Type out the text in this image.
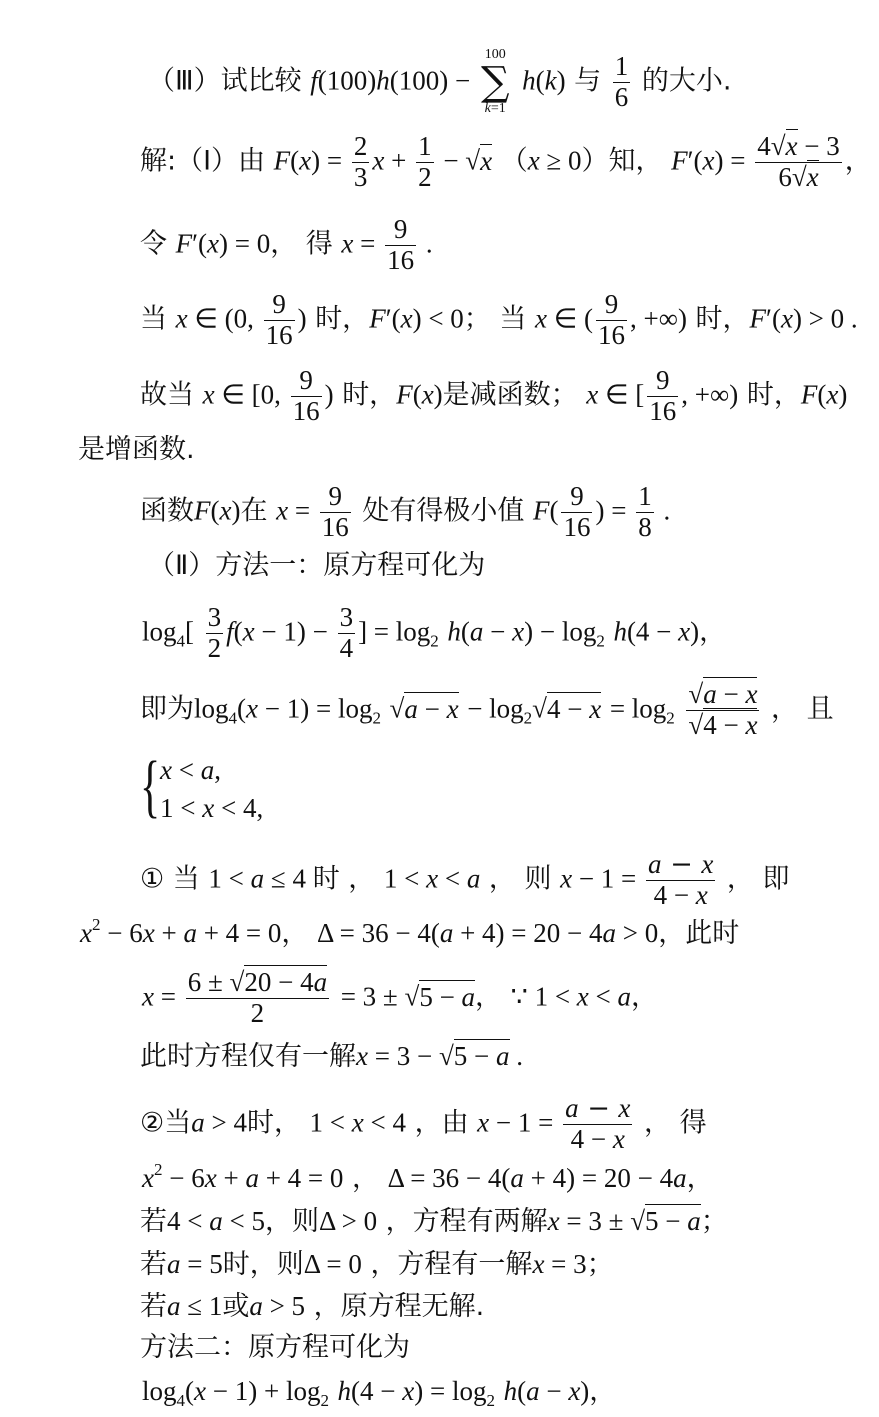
（Ⅲ）试比较 f(100)h(100) −
100
∑
k=1
h(k) 与 $\frac{1}{6}$ 的大小.
解:（Ⅰ）由 $F(x) = \frac{2}{3}$ $x + \frac{1}{2} - √x$ （x ≥ 0）知， $F'(x) = \frac{4√x - 3}{6√x}$ ，
令 F′(x) = 0， 得 $x = \frac{9}{16}$ .
当 x ∈ (0, $\frac{9}{16}$ ) 时，F′(x) < 0； 当 x ∈ ( $\frac{9}{16}$ , +∞) 时，F′(x) > 0 .
故当 x ∈ [0, $\frac{9}{16}$ ) 时，F(x)是减函数； x ∈ [ $\frac{9}{16}$ , +∞) 时，F(x)
是增函数.
函数F(x)在 $x = \frac{9}{16}$ 处有得极小值 $F( \frac{9}{16}$ ) = $\frac{1}{8}$ .
（Ⅱ）方法一：原方程可化为
$\log_4[ \frac{3}{2} f(x - 1) - \frac{3}{4}$ ] = $\log_2 h(a - x) - \log_2 h(4 - x)$，
即为$\log_4(x - 1) = \log_2 √a - x - \log_2√4 - x = \log_2 \frac{√a - x}{√4 - x}$ ， 且
{ x < a,
1 < x < 4,
① 当 1 < a ≤ 4 时 ， 1 < x < a ， 则 $x - 1 = \frac{a - x}{4 - x}$ ， 即
$x^2 - 6x + a + 4 = 0$， Δ = 36 − 4(a + 4) = 20 − 4a > 0，此时
$x = \frac{6 \pm √20 - 4a}{2} = 3 \pm √5 - a$， ∵ 1 < x < a，
此时方程仅有一解x = 3 − √5 − a .
②当a > 4时， 1 < x < 4 ，由 $x - 1 = \frac{a - x}{4 - x}$ ， 得
$x^2 - 6x + a + 4 = 0$ ， Δ = 36 − 4(a + 4) = 20 − 4a，
若4 < a < 5，则Δ > 0 ，方程有两解x = 3 ± √5 − a；
若a = 5时，则Δ = 0 ，方程有一解x = 3；
若a ≤ 1或a > 5 ，原方程无解.
方法二：原方程可化为
$\log_4(x - 1) + \log_2 h(4 - x) = \log_2 h(a - x)$，
